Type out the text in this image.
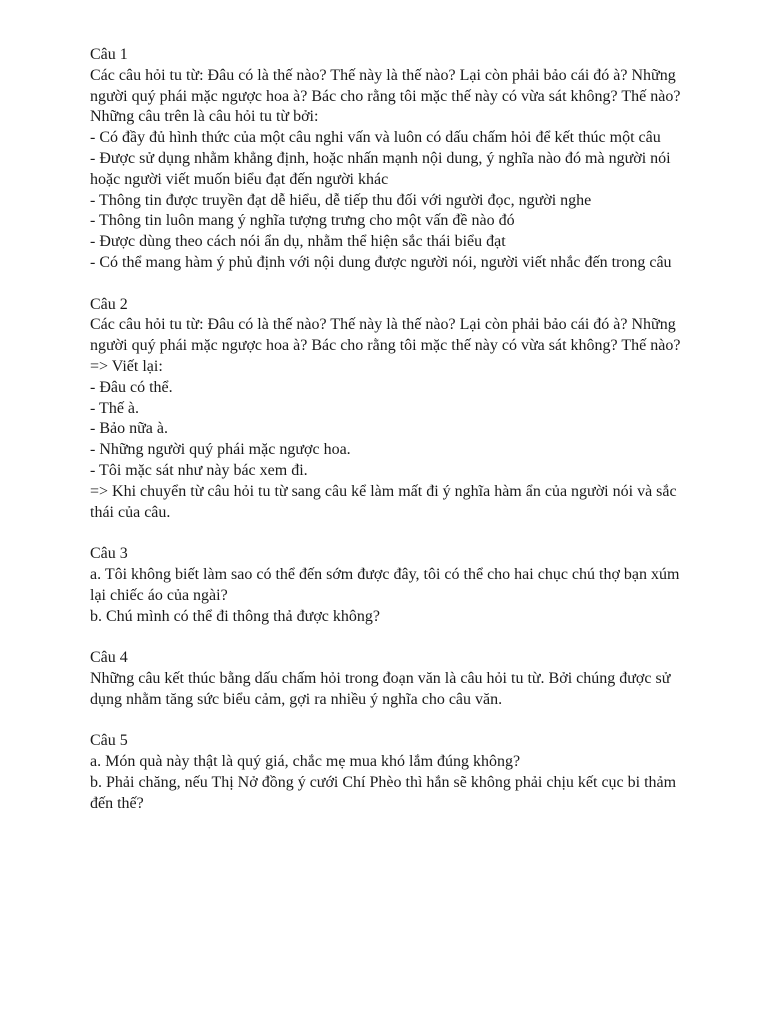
Câu 1
Các câu hỏi tu từ: Đâu có là thế nào? Thế này là thế nào? Lại còn phải bảo cái đó à? Những người quý phái mặc ngược hoa à? Bác cho rằng tôi mặc thế này có vừa sát không? Thế nào?
Những câu trên là câu hỏi tu từ bởi:
- Có đầy đủ hình thức của một câu nghi vấn và luôn có dấu chấm hỏi để kết thúc một câu
- Được sử dụng nhằm khẳng định, hoặc nhấn mạnh nội dung, ý nghĩa nào đó mà người nói hoặc người viết muốn biểu đạt đến người khác
- Thông tin được truyền đạt dễ hiểu, dễ tiếp thu đối với người đọc, người nghe
- Thông tin luôn mang ý nghĩa tượng trưng cho một vấn đề nào đó
- Được dùng theo cách nói ẩn dụ, nhằm thể hiện sắc thái biểu đạt
- Có thể mang hàm ý phủ định với nội dung được người nói, người viết nhắc đến trong câu
Câu 2
Các câu hỏi tu từ: Đâu có là thế nào? Thế này là thế nào? Lại còn phải bảo cái đó à? Những người quý phái mặc ngược hoa à? Bác cho rằng tôi mặc thế này có vừa sát không? Thế nào?
=> Viết lại:
- Đâu có thể.
- Thế à.
- Bảo nữa à.
- Những người quý phái mặc ngược hoa.
- Tôi mặc sát như này bác xem đi.
=> Khi chuyển từ câu hỏi tu từ sang câu kể làm mất đi ý nghĩa hàm ẩn của người nói và sắc thái của câu.
Câu 3
a. Tôi không biết làm sao có thể đến sớm được đây, tôi có thể cho hai chục chú thợ bạn xúm lại chiếc áo của ngài?
b. Chú mình có thể đi thông thả được không?
Câu 4
Những câu kết thúc bằng dấu chấm hỏi trong đoạn văn là câu hỏi tu từ. Bởi chúng được sử dụng nhằm tăng sức biểu cảm, gợi ra nhiều ý nghĩa cho câu văn.
Câu 5
a. Món quà này thật là quý giá, chắc mẹ mua khó lắm đúng không?
b. Phải chăng, nếu Thị Nở đồng ý cưới Chí Phèo thì hắn sẽ không phải chịu kết cục bi thảm đến thế?
